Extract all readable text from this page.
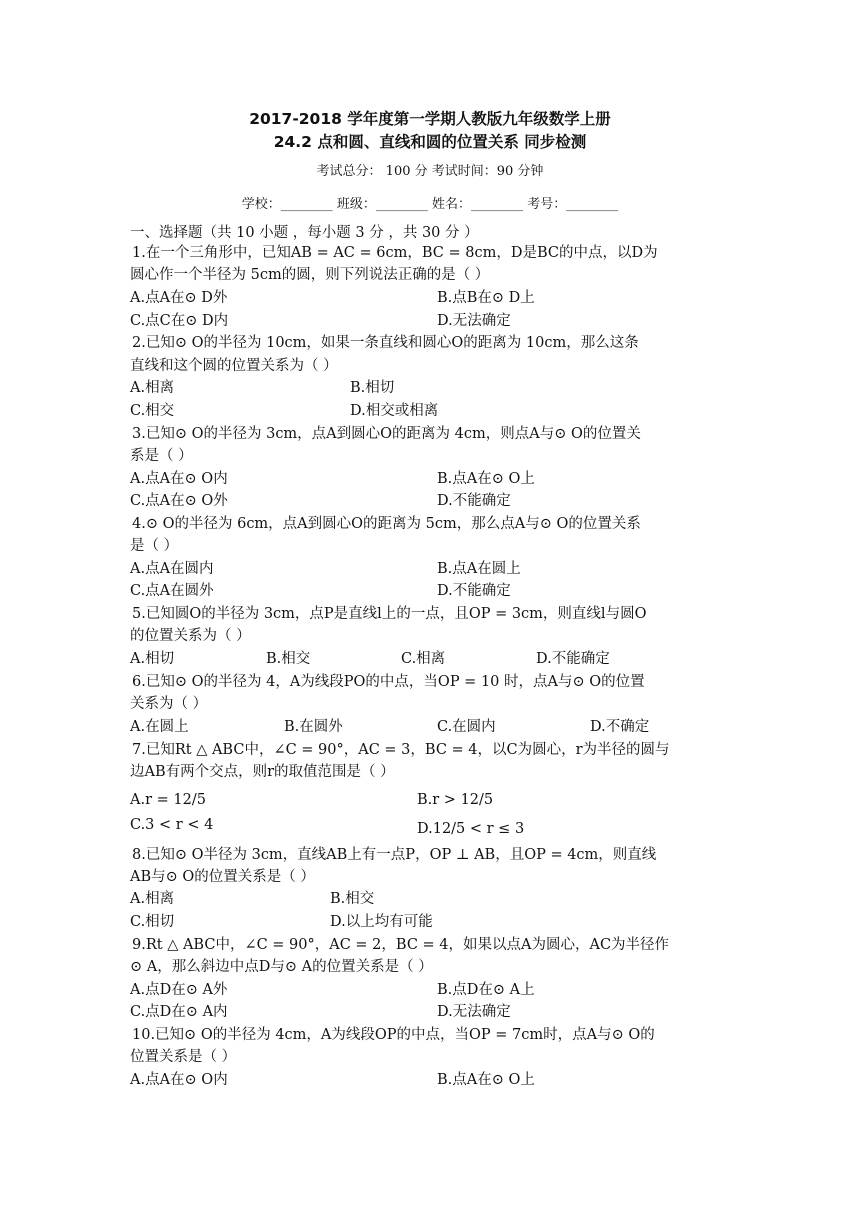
2017-2018 学年度第一学期人教版九年级数学上册
24.2 点和圆、直线和圆的位置关系 同步检测
考试总分： 100 分 考试时间：90 分钟
学校：________ 班级：________ 姓名：________ 考号：________
一、选择题（共 10 小题 ，每小题 3 分 ，共 30 分 ）
1.在一个三角形中，已知AB = AC = 6cm，BC = 8cm，D是BC的中点，以D为
圆心作一个半径为 5cm的圆，则下列说法正确的是（ ）
A.点A在⊙ D外	B.点B在⊙ D上
C.点C在⊙ D内	D.无法确定
2.已知⊙ O的半径为 10cm，如果一条直线和圆心O的距离为 10cm，那么这条
直线和这个圆的位置关系为（ ）
A.相离	B.相切
C.相交	D.相交或相离
3.已知⊙ O的半径为 3cm，点A到圆心O的距离为 4cm，则点A与⊙ O的位置关
系是（ ）
A.点A在⊙ O内	B.点A在⊙ O上
C.点A在⊙ O外	D.不能确定
4.⊙ O的半径为 6cm，点A到圆心O的距离为 5cm，那么点A与⊙ O的位置关系
是（ ）
A.点A在圆内	B.点A在圆上
C.点A在圆外	D.不能确定
5.已知圆O的半径为 3cm，点P是直线l上的一点，且OP = 3cm，则直线l与圆O
的位置关系为（ ）
A.相切	B.相交	C.相离	D.不能确定
6.已知⊙ O的半径为 4，A为线段PO的中点，当OP = 10 时，点A与⊙ O的位置
关系为（ ）
A.在圆上	B.在圆外	C.在圆内	D.不确定
7.已知Rt △ ABC中，∠C = 90°，AC = 3，BC = 4，以C为圆心，r为半径的圆与
边AB有两个交点，则r的取值范围是（ ）
A.r = 12/5	B.r > 12/5
C.3 < r < 4	D.12/5 < r ≤ 3
8.已知⊙ O半径为 3cm，直线AB上有一点P，OP ⊥ AB，且OP = 4cm，则直线
AB与⊙ O的位置关系是（ ）
A.相离	B.相交
C.相切	D.以上均有可能
9.Rt △ ABC中，∠C = 90°，AC = 2，BC = 4，如果以点A为圆心，AC为半径作
⊙ A，那么斜边中点D与⊙ A的位置关系是（ ）
A.点D在⊙ A外	B.点D在⊙ A上
C.点D在⊙ A内	D.无法确定
10.已知⊙ O的半径为 4cm，A为线段OP的中点，当OP = 7cm时，点A与⊙ O的
位置关系是（ ）
A.点A在⊙ O内	B.点A在⊙ O上
